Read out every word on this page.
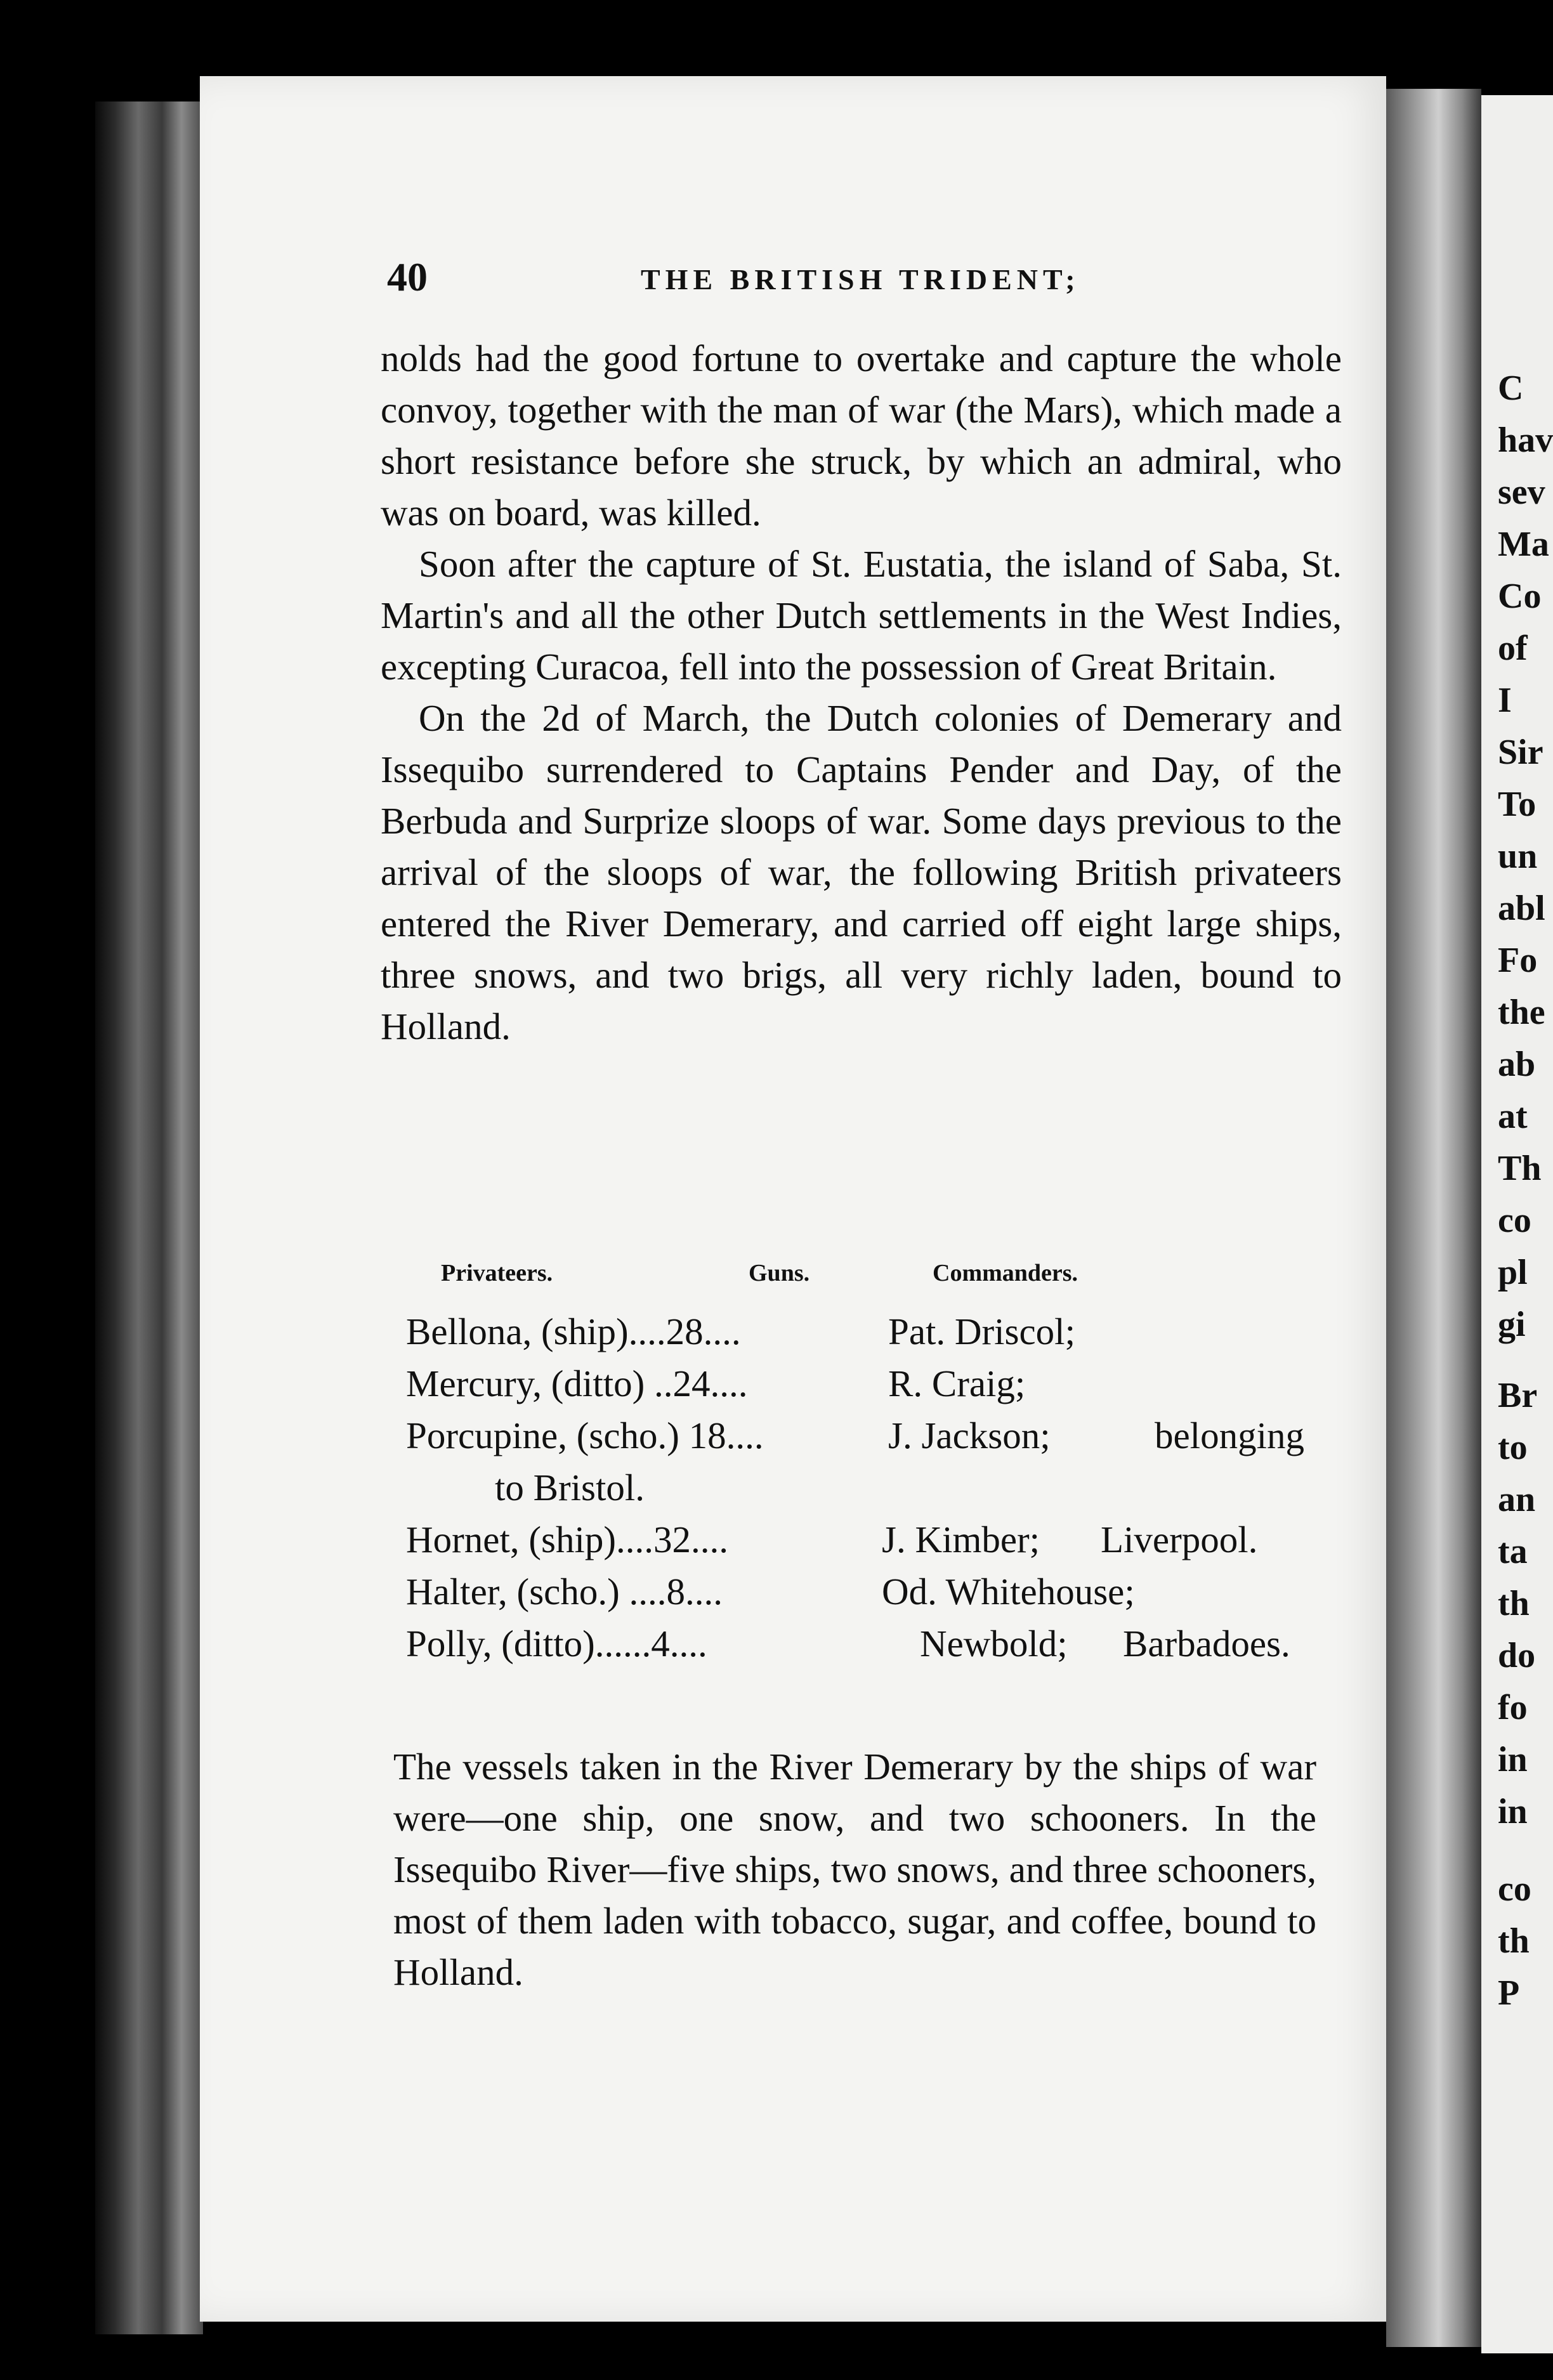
C
hav
sev
Ma
Co
of
I
Sir
To
un
abl
Fo
the
ab
at
Th
co
pl
gi
Br
to
an
ta
th
do
fo
in
in
co
th
P
40	THE BRITISH TRIDENT;

nolds had the good fortune to overtake and capture the whole convoy, together with the man of war (the Mars), which made a short resistance before she struck, by which an admiral, who was on board, was killed.

Soon after the capture of St. Eustatia, the island of Saba, St. Martin's and all the other Dutch settlements in the West Indies, excepting Curacoa, fell into the possession of Great Britain.

On the 2d of March, the Dutch colonies of Demerary and Issequibo surrendered to Captains Pender and Day, of the Berbuda and Surprize sloops of war. Some days previous to the arrival of the sloops of war, the following British privateers entered the River Demerary, and carried off eight large ships, three snows, and two brigs, all very richly laden, bound to Holland.

Privateers.	Guns.	Commanders.
Bellona, (ship)....28....	Pat. Driscol;
Mercury, (ditto) ..24....	R. Craig;
Porcupine, (scho.) 18....	J. Jackson;	belonging
to Bristol.
Hornet, (ship)....32....	J. Kimber; Liverpool.
Halter, (scho.) ....8....	Od. Whitehouse;
Polly, (ditto)......4....	Newbold; Barbadoes.

The vessels taken in the River Demerary by the ships of war were—one ship, one snow, and two schooners. In the Issequibo River—five ships, two snows, and three schooners, most of them laden with tobacco, sugar, and coffee, bound to Holland.
